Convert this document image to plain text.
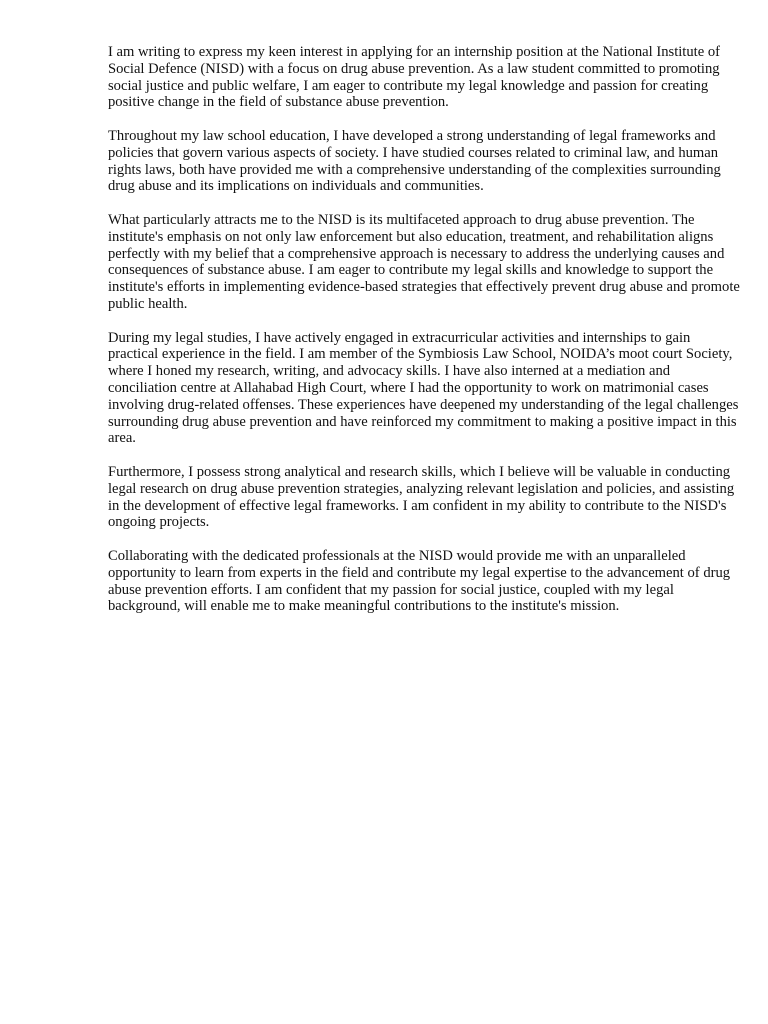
I am writing to express my keen interest in applying for an internship position at the National Institute of Social Defence (NISD) with a focus on drug abuse prevention. As a law student committed to promoting social justice and public welfare, I am eager to contribute my legal knowledge and passion for creating positive change in the field of substance abuse prevention.

Throughout my law school education, I have developed a strong understanding of legal frameworks and policies that govern various aspects of society. I have studied courses related to criminal law, and human rights laws, both have provided me with a comprehensive understanding of the complexities surrounding drug abuse and its implications on individuals and communities.

What particularly attracts me to the NISD is its multifaceted approach to drug abuse prevention. The institute's emphasis on not only law enforcement but also education, treatment, and rehabilitation aligns perfectly with my belief that a comprehensive approach is necessary to address the underlying causes and consequences of substance abuse. I am eager to contribute my legal skills and knowledge to support the institute's efforts in implementing evidence-based strategies that effectively prevent drug abuse and promote public health.

During my legal studies, I have actively engaged in extracurricular activities and internships to gain practical experience in the field. I am member of the Symbiosis Law School, NOIDA’s moot court Society, where I honed my research, writing, and advocacy skills. I have also interned at a mediation and conciliation centre at Allahabad High Court, where I had the opportunity to work on matrimonial cases involving drug-related offenses. These experiences have deepened my understanding of the legal challenges surrounding drug abuse prevention and have reinforced my commitment to making a positive impact in this area.

Furthermore, I possess strong analytical and research skills, which I believe will be valuable in conducting legal research on drug abuse prevention strategies, analyzing relevant legislation and policies, and assisting in the development of effective legal frameworks. I am confident in my ability to contribute to the NISD's ongoing projects.

Collaborating with the dedicated professionals at the NISD would provide me with an unparalleled opportunity to learn from experts in the field and contribute my legal expertise to the advancement of drug abuse prevention efforts. I am confident that my passion for social justice, coupled with my legal background, will enable me to make meaningful contributions to the institute's mission.
